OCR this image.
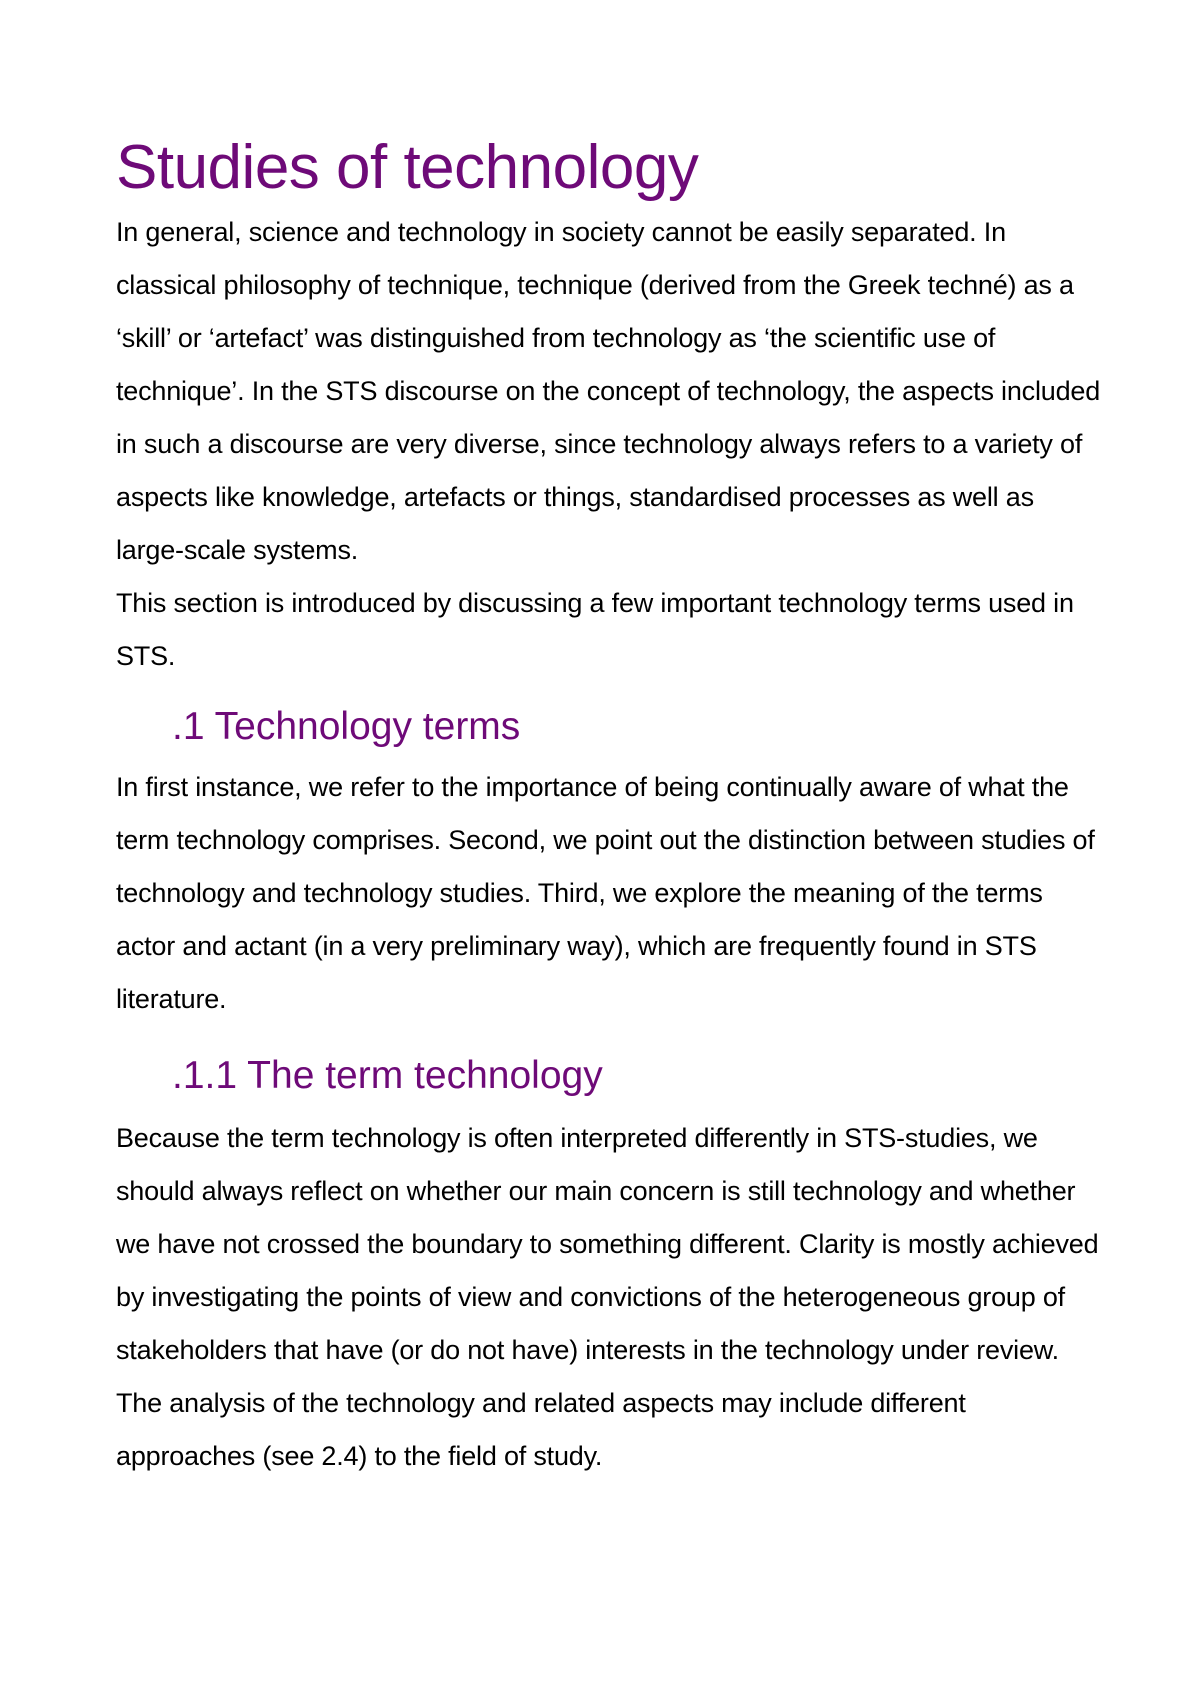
Studies of technology

In general, science and technology in society cannot be easily separated. In classical philosophy of technique, technique (derived from the Greek techné) as a ‘skill’ or ‘artefact’ was distinguished from technology as ‘the scientific use of technique’. In the STS discourse on the concept of technology, the aspects included in such a discourse are very diverse, since technology always refers to a variety of aspects like knowledge, artefacts or things, standardised processes as well as large-scale systems.

This section is introduced by discussing a few important technology terms used in STS.

.1 Technology terms

In first instance, we refer to the importance of being continually aware of what the term technology comprises. Second, we point out the distinction between studies of technology and technology studies. Third, we explore the meaning of the terms actor and actant (in a very preliminary way), which are frequently found in STS literature.

.1.1 The term technology

Because the term technology is often interpreted differently in STS-studies, we should always reflect on whether our main concern is still technology and whether we have not crossed the boundary to something different. Clarity is mostly achieved by investigating the points of view and convictions of the heterogeneous group of stakeholders that have (or do not have) interests in the technology under review. The analysis of the technology and related aspects may include different approaches (see 2.4) to the field of study.
